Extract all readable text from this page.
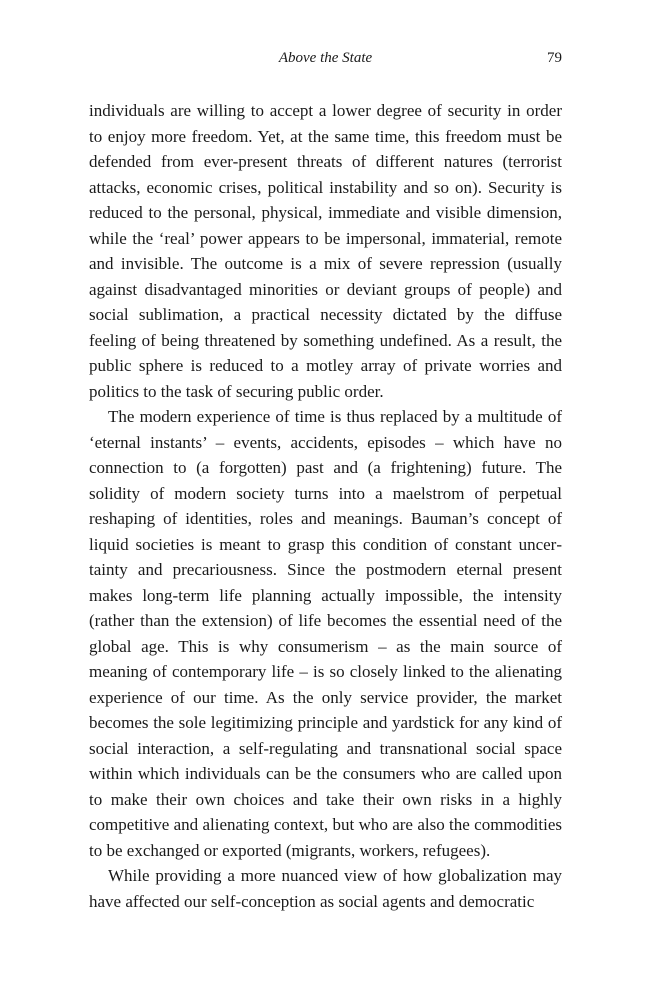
Above the State	79

individuals are willing to accept a lower degree of security in order to enjoy more freedom. Yet, at the same time, this freedom must be defended from ever-present threats of different natures (terrorist attacks, economic crises, political instability and so on). Security is reduced to the personal, physical, immediate and visible dimension, while the ‘real’ power appears to be impersonal, immaterial, remote and invisible. The outcome is a mix of severe repression (usually against disadvantaged minorities or deviant groups of people) and social sublimation, a practical necessity dictated by the diffuse feeling of being threatened by something undefined. As a result, the public sphere is reduced to a motley array of private worries and politics to the task of securing public order.

The modern experience of time is thus replaced by a multitude of ‘eternal instants’ – events, accidents, episodes – which have no connection to (a forgotten) past and (a frightening) future. The solidity of modern society turns into a maelstrom of perpetual reshaping of identities, roles and meanings. Bauman’s concept of liquid societies is meant to grasp this condition of constant uncertainty and precariousness. Since the postmodern eternal present makes long-term life planning actually impossible, the intensity (rather than the extension) of life becomes the essential need of the global age. This is why consumerism – as the main source of meaning of contemporary life – is so closely linked to the alienating experience of our time. As the only service provider, the market becomes the sole legitimizing principle and yardstick for any kind of social interaction, a self-regulating and transnational social space within which individuals can be the consumers who are called upon to make their own choices and take their own risks in a highly competitive and alienating context, but who are also the commodities to be exchanged or exported (migrants, workers, refugees).

While providing a more nuanced view of how globalization may have affected our self-conception as social agents and democratic
